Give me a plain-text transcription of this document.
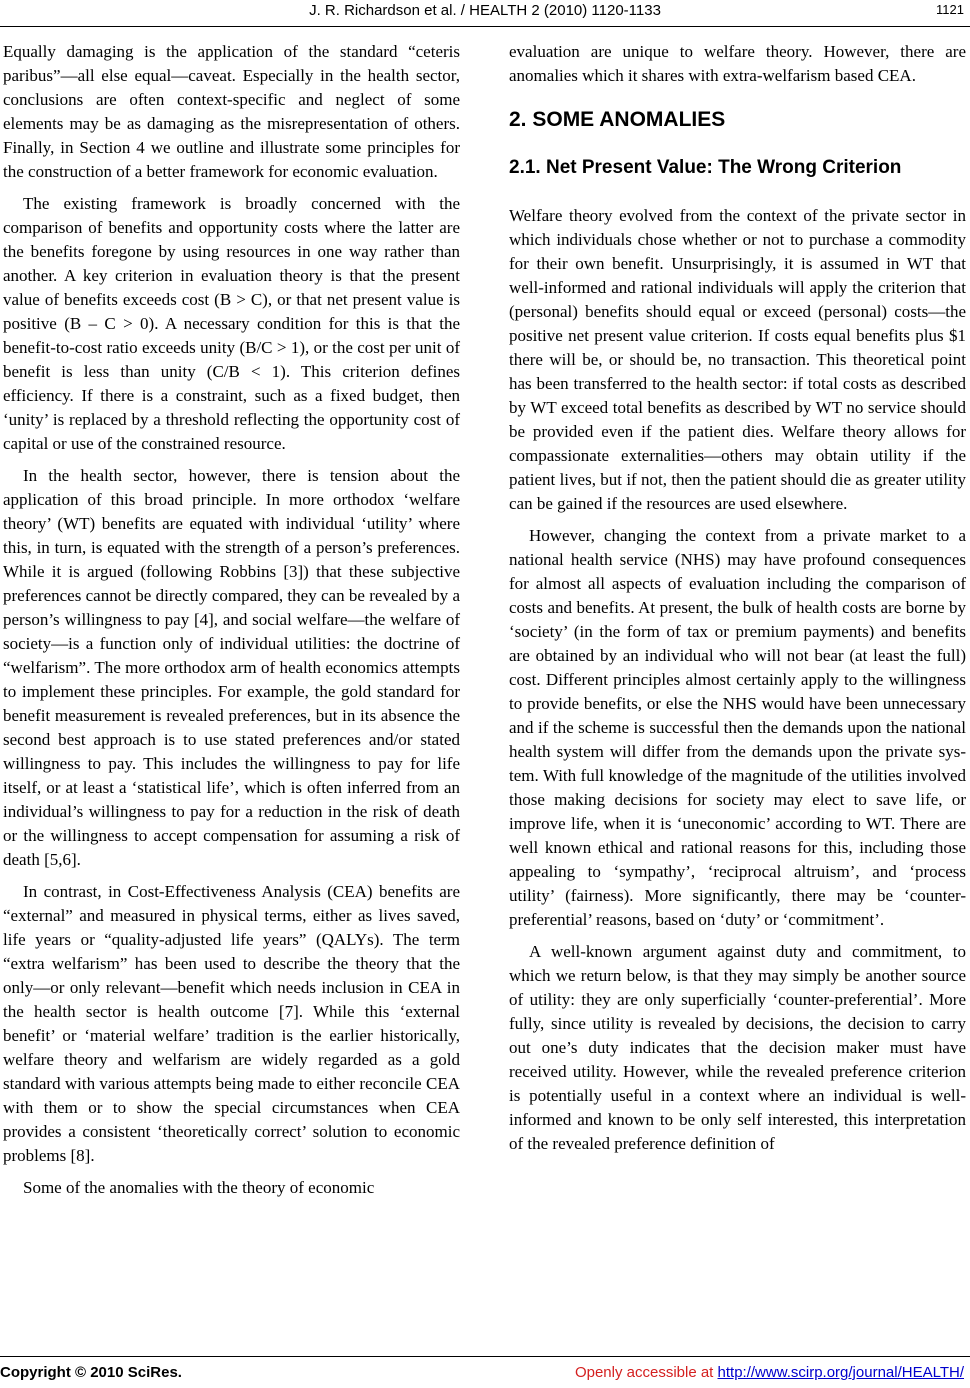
J. R. Richardson et al. / HEALTH 2 (2010) 1120-1133	1121

Equally damaging is the application of the standard “ceteris paribus”—all else equal—caveat. Especially in the health sector, conclusions are often context-specific and neglect of some elements may be as damaging as the misrepresentation of others. Finally, in Section 4 we outline and illustrate some principles for the construction of a better framework for economic evaluation.

The existing framework is broadly concerned with the comparison of benefits and opportunity costs where the latter are the benefits foregone by using resources in one way rather than another. A key criterion in evaluation theory is that the present value of benefits exceeds cost (B > C), or that net present value is positive (B – C > 0). A necessary condition for this is that the benefit-to-cost ratio exceeds unity (B/C > 1), or the cost per unit of benefit is less than unity (C/B < 1). This criterion defines efficiency. If there is a constraint, such as a fixed budget, then ‘unity’ is replaced by a threshold reflecting the opportunity cost of capital or use of the constrained resource.

In the health sector, however, there is tension about the application of this broad principle. In more orthodox ‘welfare theory’ (WT) benefits are equated with individual ‘utility’ where this, in turn, is equated with the strength of a person’s preferences. While it is argued (following Robbins [3]) that these subjective preferences cannot be directly compared, they can be revealed by a person’s willingness to pay [4], and social welfare—the welfare of society—is a function only of individual utilities: the doctrine of “welfarism”. The more orthodox arm of health economics attempts to implement these principles. For example, the gold standard for benefit measurement is revealed preferences, but in its absence the second best approach is to use stated preferences and/or stated willingness to pay. This includes the willingness to pay for life itself, or at least a ‘statistical life’, which is often inferred from an individual’s willingness to pay for a reduction in the risk of death or the willingness to accept compensation for assuming a risk of death [5,6].

In contrast, in Cost-Effectiveness Analysis (CEA) benefits are “external” and measured in physical terms, either as lives saved, life years or “quality-adjusted life years” (QALYs). The term “extra welfarism” has been used to describe the theory that the only—or only relevant—benefit which needs inclusion in CEA in the health sector is health outcome [7]. While this ‘external benefit’ or ‘material welfare’ tradition is the earlier historically, welfare theory and welfarism are widely regarded as a gold standard with various attempts being made to either reconcile CEA with them or to show the special circumstances when CEA provides a consistent ‘theoretically correct’ solution to economic problems [8].

Some of the anomalies with the theory of economic

evaluation are unique to welfare theory. However, there are anomalies which it shares with extra-welfarism based CEA.

2. SOME ANOMALIES
2.1. Net Present Value: The Wrong Criterion

Welfare theory evolved from the context of the private sector in which individuals chose whether or not to purchase a commodity for their own benefit. Unsurprisingly, it is assumed in WT that well-informed and rational individuals will apply the criterion that (personal) benefits should equal or exceed (personal) costs—the positive net present value criterion. If costs equal benefits plus $1 there will be, or should be, no transaction. This theoretical point has been transferred to the health sector: if total costs as described by WT exceed total benefits as described by WT no service should be provided even if the patient dies. Welfare theory allows for compassionate externalities—others may obtain utility if the patient lives, but if not, then the patient should die as greater utility can be gained if the resources are used elsewhere.

However, changing the context from a private market to a national health service (NHS) may have profound consequences for almost all aspects of evaluation including the comparison of costs and benefits. At present, the bulk of health costs are borne by ‘society’ (in the form of tax or premium payments) and benefits are obtained by an individual who will not bear (at least the full) cost. Different principles almost certainly apply to the willingness to provide benefits, or else the NHS would have been unnecessary and if the scheme is successful then the demands upon the national health system will differ from the demands upon the private system. With full knowledge of the magnitude of the utilities involved those making decisions for society may elect to save life, or improve life, when it is ‘uneconomic’ according to WT. There are well known ethical and rational reasons for this, including those appealing to ‘sympathy’, ‘reciprocal altruism’, and ‘process utility’ (fairness). More significantly, there may be ‘counter-preferential’ reasons, based on ‘duty’ or ‘commitment’.

A well-known argument against duty and commitment, to which we return below, is that they may simply be another source of utility: they are only superficially ‘counter-preferential’. More fully, since utility is revealed by decisions, the decision to carry out one’s duty indicates that the decision maker must have received utility. However, while the revealed preference criterion is potentially useful in a context where an individual is well-informed and known to be only self interested, this interpretation of the revealed preference definition of

Copyright © 2010 SciRes.	Openly accessible at http://www.scirp.org/journal/HEALTH/
